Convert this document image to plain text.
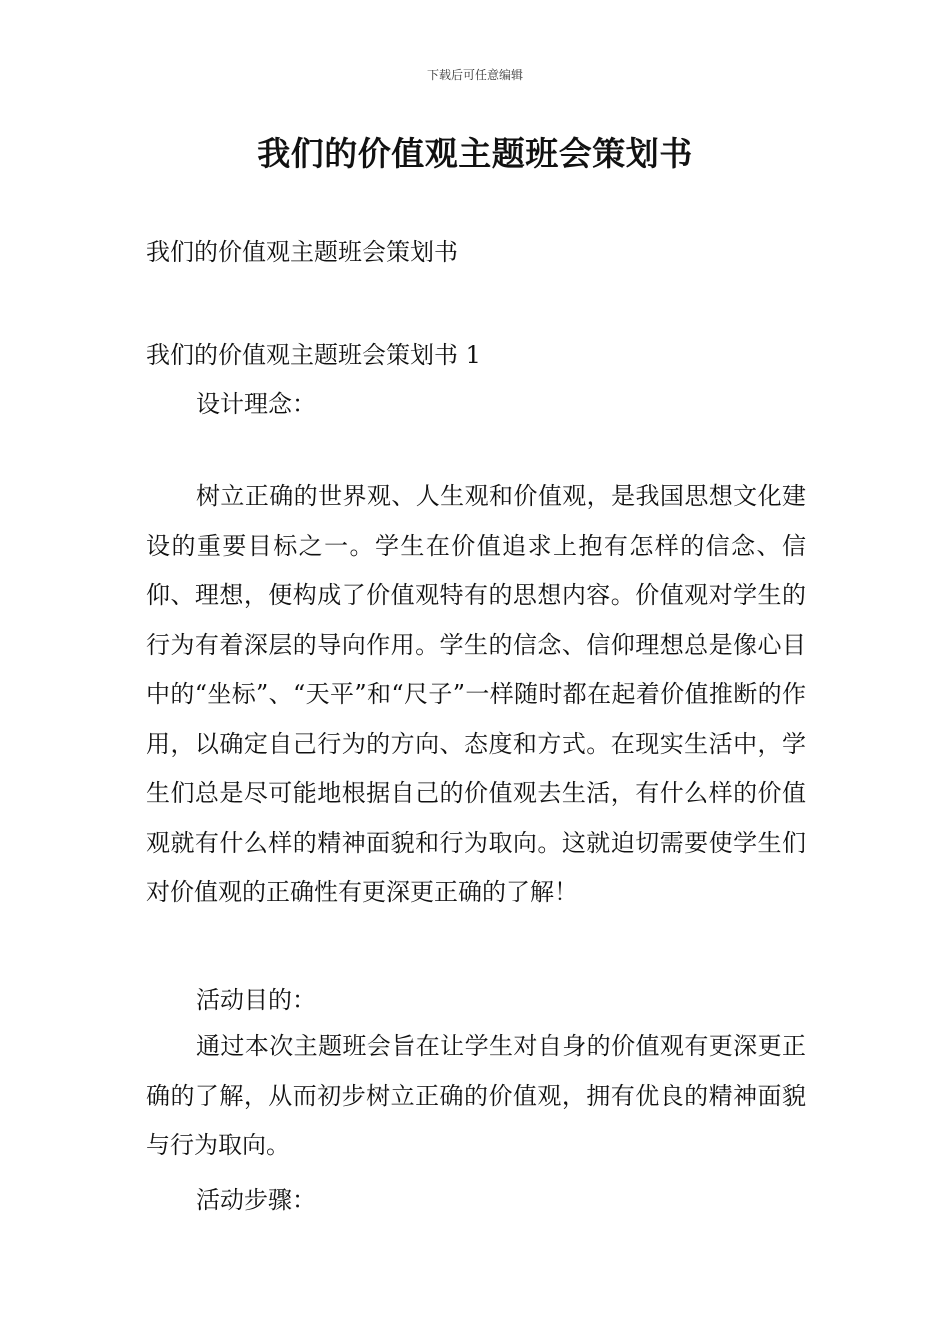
下载后可任意编辑
我们的价值观主题班会策划书
我们的价值观主题班会策划书
我们的价值观主题班会策划书 1
设计理念：
树立正确的世界观、人生观和价值观，是我国思想文化建设的重要目标之一。学生在价值追求上抱有怎样的信念、信仰、理想，便构成了价值观特有的思想内容。价值观对学生的行为有着深层的导向作用。学生的信念、信仰理想总是像心目中的“坐标”、“天平”和“尺子”一样随时都在起着价值推断的作用，以确定自己行为的方向、态度和方式。在现实生活中，学生们总是尽可能地根据自己的价值观去生活，有什么样的价值观就有什么样的精神面貌和行为取向。这就迫切需要使学生们对价值观的正确性有更深更正确的了解！
活动目的：
通过本次主题班会旨在让学生对自身的价值观有更深更正确的了解，从而初步树立正确的价值观，拥有优良的精神面貌与行为取向。
活动步骤：
